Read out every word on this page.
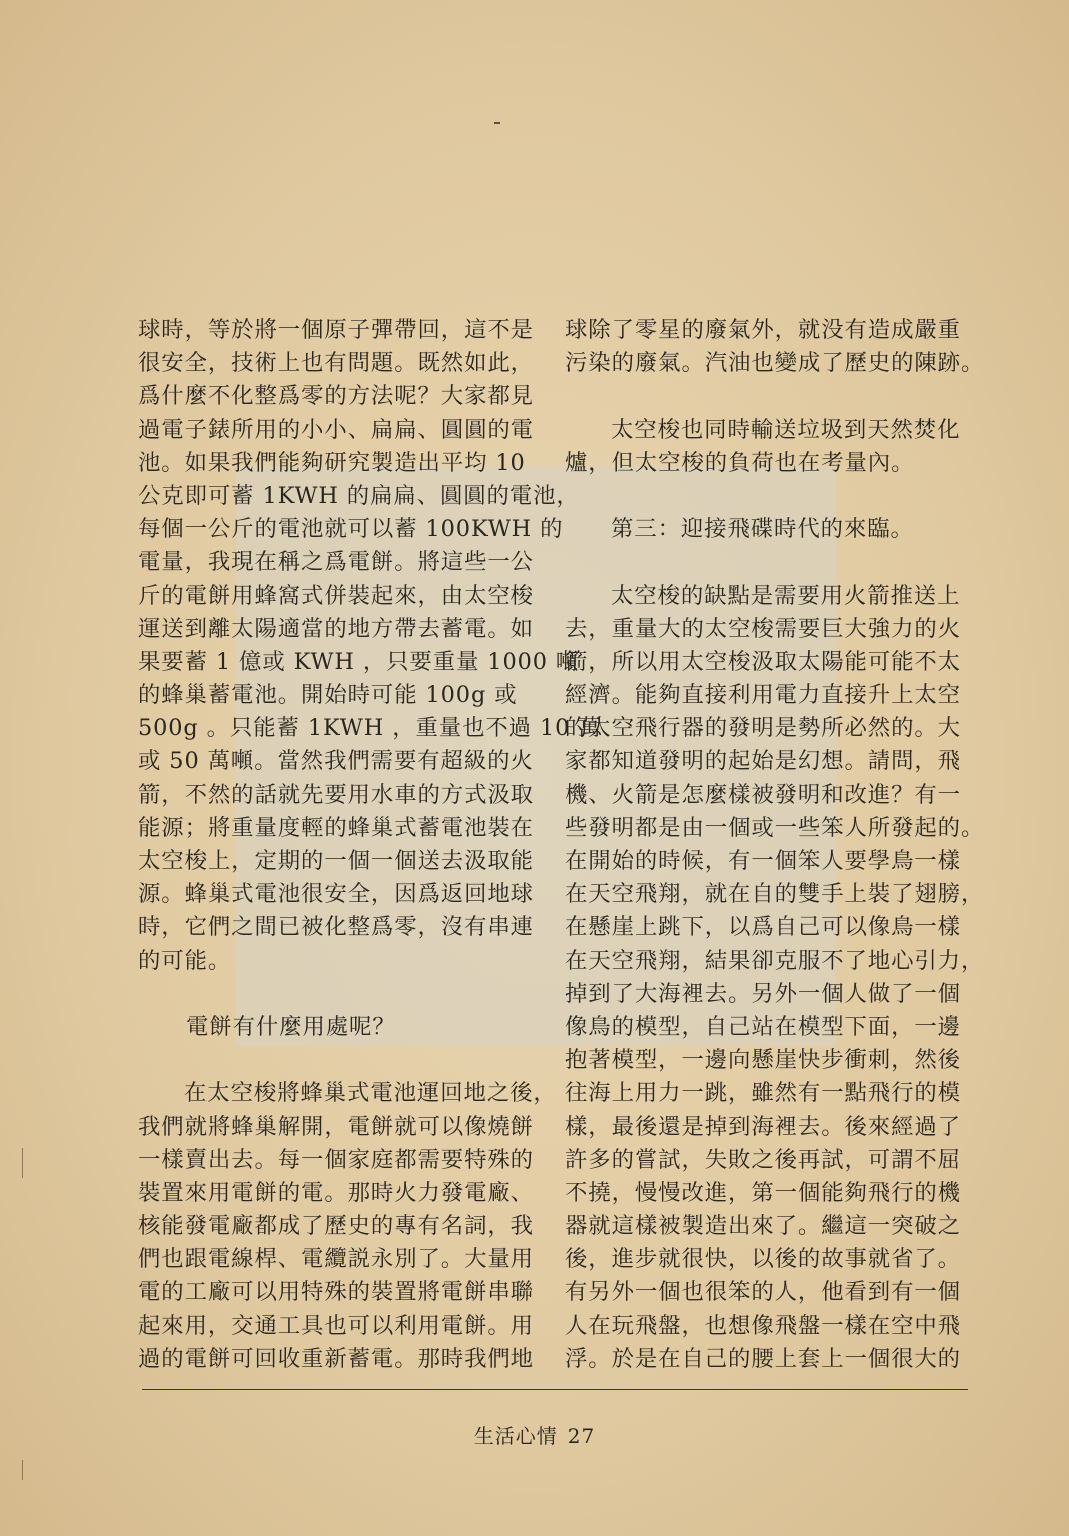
球時，等於將一個原子彈帶回，這不是
很安全，技術上也有問題。既然如此，
爲什麼不化整爲零的方法呢？大家都見
過電子錶所用的小小、扁扁、圓圓的電
池。如果我們能夠研究製造出平均 10
公克即可蓄 1KWH 的扁扁、圓圓的電池，
每個一公斤的電池就可以蓄 100KWH 的
電量，我現在稱之爲電餅。將這些一公
斤的電餅用蜂窩式併裝起來，由太空梭
運送到離太陽適當的地方帶去蓄電。如
果要蓄 1 億或 KWH ，只要重量 1000 噸
的蜂巢蓄電池。開始時可能 100g 或
500g 。只能蓄 1KWH ，重量也不過 10 萬
或 50 萬噸。當然我們需要有超級的火
箭，不然的話就先要用水車的方式汲取
能源；將重量度輕的蜂巢式蓄電池裝在
太空梭上，定期的一個一個送去汲取能
源。蜂巢式電池很安全，因爲返回地球
時，它們之間已被化整爲零，沒有串連
的可能。
電餅有什麼用處呢？
在太空梭將蜂巢式電池運回地之後，
我們就將蜂巢解開，電餅就可以像燒餅
一樣賣出去。每一個家庭都需要特殊的
裝置來用電餅的電。那時火力發電廠、
核能發電廠都成了歷史的專有名詞，我
們也跟電線桿、電纜説永別了。大量用
電的工廠可以用特殊的裝置將電餅串聯
起來用，交通工具也可以利用電餅。用
過的電餅可回收重新蓄電。那時我們地
球除了零星的廢氣外，就没有造成嚴重
污染的廢氣。汽油也變成了歷史的陳跡。
太空梭也同時輸送垃圾到天然焚化
爐，但太空梭的負荷也在考量內。
第三：迎接飛碟時代的來臨。
太空梭的缺點是需要用火箭推送上
去，重量大的太空梭需要巨大強力的火
箭，所以用太空梭汲取太陽能可能不太
經濟。能夠直接利用電力直接升上太空
的太空飛行器的發明是勢所必然的。大
家都知道發明的起始是幻想。請問，飛
機、火箭是怎麼樣被發明和改進？有一
些發明都是由一個或一些笨人所發起的。
在開始的時候，有一個笨人要學鳥一樣
在天空飛翔，就在自的雙手上裝了翅膀，
在懸崖上跳下，以爲自己可以像鳥一樣
在天空飛翔，結果卻克服不了地心引力，
掉到了大海裡去。另外一個人做了一個
像鳥的模型，自己站在模型下面，一邊
抱著模型，一邊向懸崖快步衝刺，然後
往海上用力一跳，雖然有一點飛行的模
樣，最後還是掉到海裡去。後來經過了
許多的嘗試，失敗之後再試，可謂不屈
不撓，慢慢改進，第一個能夠飛行的機
器就這樣被製造出來了。繼這一突破之
後，進步就很快，以後的故事就省了。
有另外一個也很笨的人，他看到有一個
人在玩飛盤，也想像飛盤一樣在空中飛
浮。於是在自己的腰上套上一個很大的
生活心情 27
